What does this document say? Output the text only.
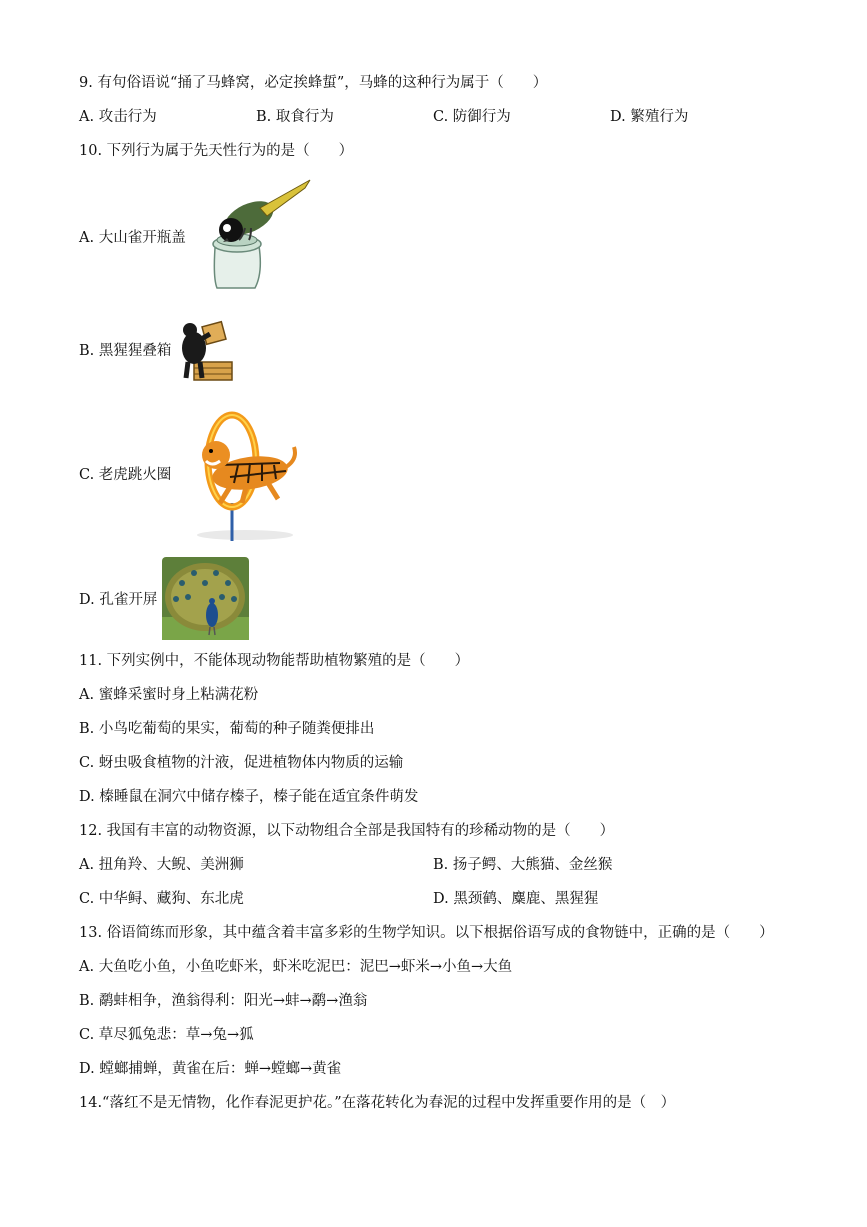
9. 有句俗语说“捅了马蜂窝，必定挨蜂蜇”，马蜂的这种行为属于（　　）
A. 攻击行为	B. 取食行为	C. 防御行为	D. 繁殖行为
10. 下列行为属于先天性行为的是（　　）
A. 大山雀开瓶盖
B. 黑猩猩叠箱
C. 老虎跳火圈
D. 孔雀开屏
11. 下列实例中，不能体现动物能帮助植物繁殖的是（　　）
A. 蜜蜂采蜜时身上粘满花粉
B. 小鸟吃葡萄的果实，葡萄的种子随粪便排出
C. 蚜虫吸食植物的汁液，促进植物体内物质的运输
D. 榛睡鼠在洞穴中储存榛子，榛子能在适宜条件萌发
12. 我国有丰富的动物资源，以下动物组合全部是我国特有的珍稀动物的是（　　）
A. 扭角羚、大鲵、美洲狮	B. 扬子鳄、大熊猫、金丝猴
C. 中华鲟、藏狗、东北虎	D. 黑颈鹤、麋鹿、黑猩猩
13. 俗语简练而形象，其中蕴含着丰富多彩的生物学知识。以下根据俗语写成的食物链中，正确的是（　　）
A. 大鱼吃小鱼，小鱼吃虾米，虾米吃泥巴：泥巴→虾米→小鱼→大鱼
B. 鹬蚌相争，渔翁得利：阳光→蚌→鹬→渔翁
C. 草尽狐兔悲：草→兔→狐
D. 螳螂捕蝉，黄雀在后：蝉→螳螂→黄雀
14.“落红不是无情物，化作春泥更护花。”在落花转化为春泥的过程中发挥重要作用的是（　）
